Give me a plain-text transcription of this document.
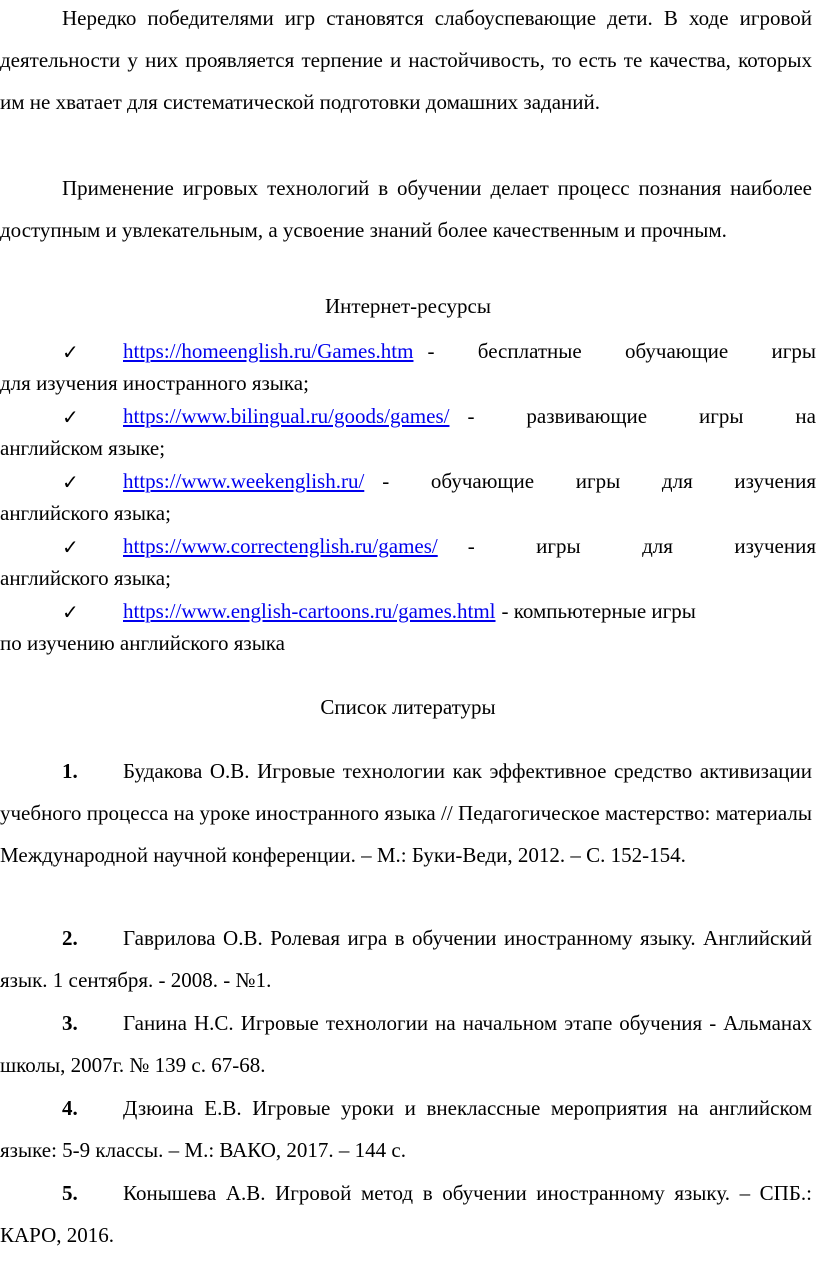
Нередко победителями игр становятся слабоуспевающие дети. В ходе игровой деятельности у них проявляется терпение и настойчивость, то есть те качества, которых им не хватает для систематической подготовки домашних заданий.

Применение игровых технологий в обучении делает процесс познания наиболее доступным и увлекательным, а усвоение знаний более качественным и прочным.

Интернет-ресурсы

✓ https://homeenglish.ru/Games.htm - бесплатные обучающие игры
для изучения иностранного языка;
✓ https://www.bilingual.ru/goods/games/ - развивающие игры на
английском языке;
✓ https://www.weekenglish.ru/ - обучающие игры для изучения
английского языка;
✓ https://www.correctenglish.ru/games/ - игры для изучения
английского языка;
✓ https://www.english-cartoons.ru/games.html - компьютерные игры
по изучению английского языка

Список литературы

1. Будакова О.В. Игровые технологии как эффективное средство активизации учебного процесса на уроке иностранного языка // Педагогическое мастерство: материалы Международной научной конференции. – М.: Буки-Веди, 2012. – С. 152-154.

2. Гаврилова О.В. Ролевая игра в обучении иностранному языку. Английский язык. 1 сентября. - 2008. - №1.

3. Ганина Н.С. Игровые технологии на начальном этапе обучения - Альманах школы, 2007г. № 139 с. 67-68.

4. Дзюина Е.В. Игровые уроки и внеклассные мероприятия на английском языке: 5-9 классы. – М.: ВАКО, 2017. – 144 с.

5. Конышева А.В. Игровой метод в обучении иностранному языку. – СПБ.: КАРО, 2016.
